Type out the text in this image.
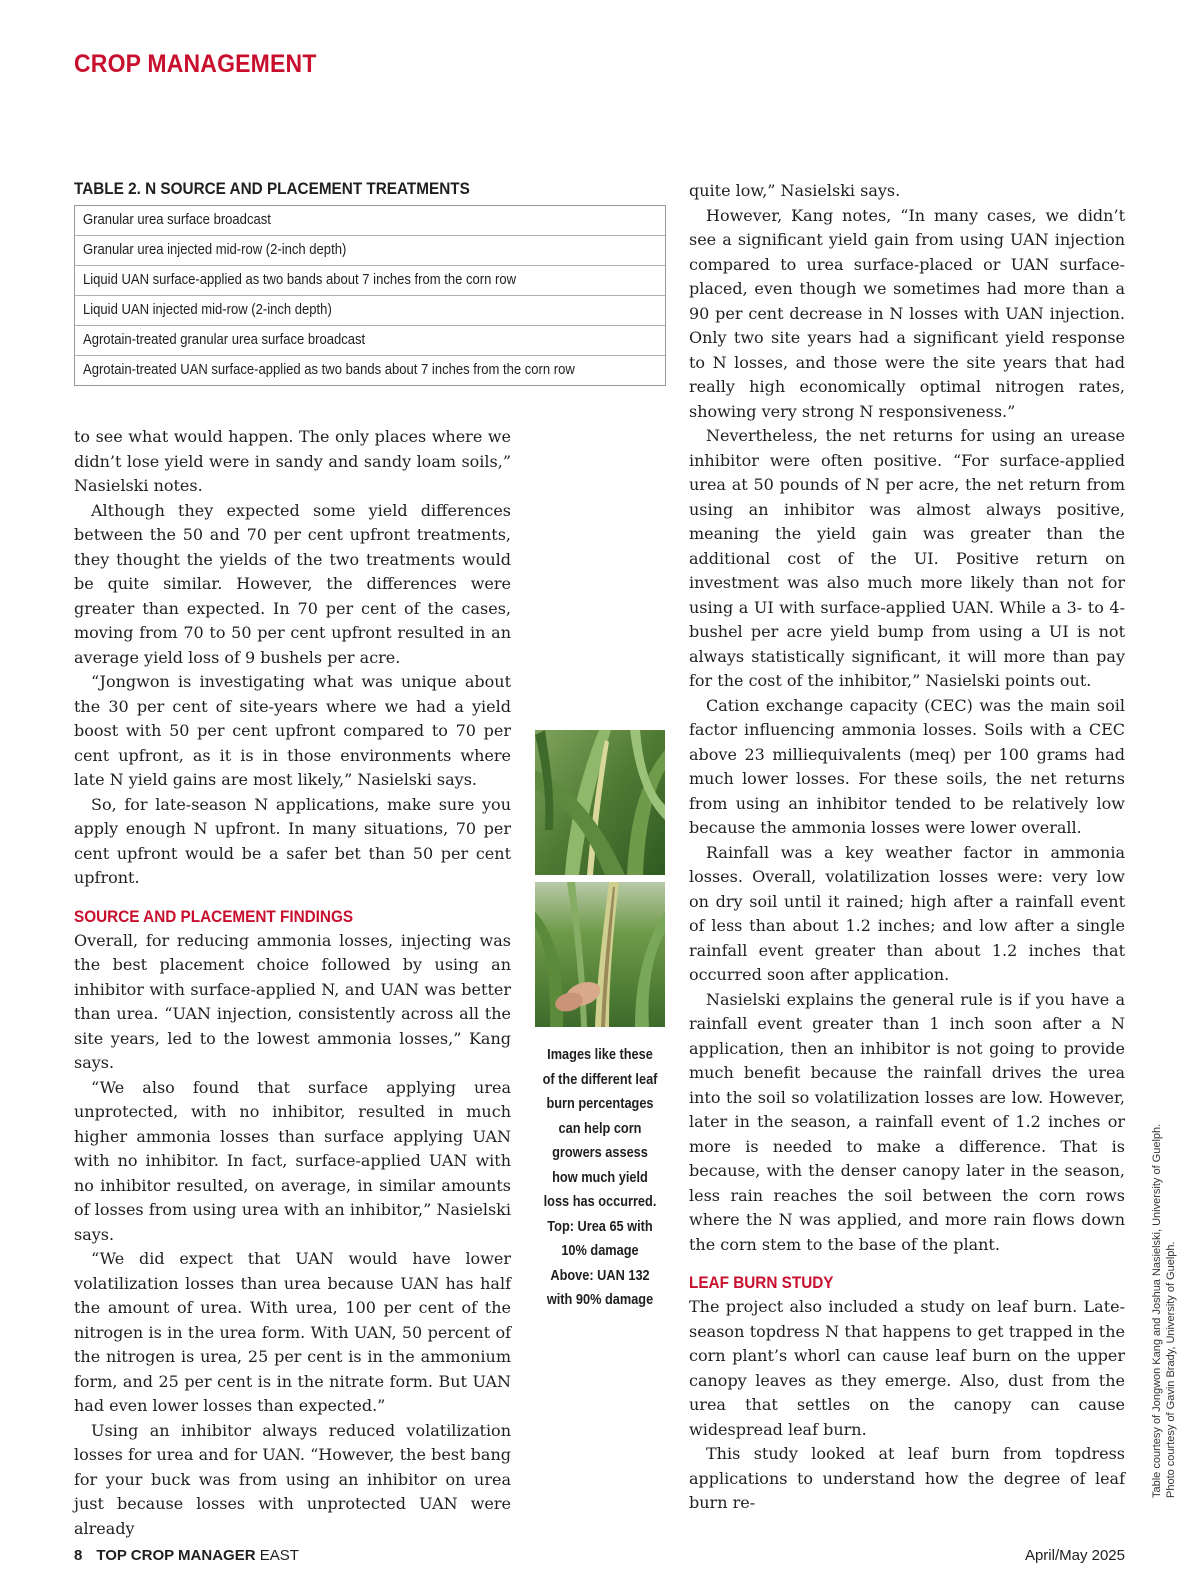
CROP MANAGEMENT
TABLE 2. N SOURCE AND PLACEMENT TREATMENTS
Granular urea surface broadcast
Granular urea injected mid-row (2-inch depth)
Liquid UAN surface-applied as two bands about 7 inches from the corn row
Liquid UAN injected mid-row (2-inch depth)
Agrotain-treated granular urea surface broadcast
Agrotain-treated UAN surface-applied as two bands about 7 inches from the corn row

to see what would happen. The only places where we didn’t lose yield were in sandy and sandy loam soils,” Nasielski notes.

Although they expected some yield differences between the 50 and 70 per cent upfront treatments, they thought the yields of the two treatments would be quite similar. However, the differences were greater than expected. In 70 per cent of the cases, moving from 70 to 50 per cent upfront resulted in an average yield loss of 9 bushels per acre.

“Jongwon is investigating what was unique about the 30 per cent of site-years where we had a yield boost with 50 per cent upfront compared to 70 per cent upfront, as it is in those environments where late N yield gains are most likely,” Nasielski says.

So, for late-season N applications, make sure you apply enough N upfront. In many situations, 70 per cent upfront would be a safer bet than 50 per cent upfront.

SOURCE AND PLACEMENT FINDINGS

Overall, for reducing ammonia losses, injecting was the best placement choice followed by using an inhibitor with surface-applied N, and UAN was better than urea. “UAN injection, consistently across all the site years, led to the lowest ammonia losses,” Kang says.

“We also found that surface applying urea unprotected, with no inhibitor, resulted in much higher ammonia losses than surface applying UAN with no inhibitor. In fact, surface-applied UAN with no inhibitor resulted, on average, in similar amounts of losses from using urea with an inhibitor,” Nasielski says.

“We did expect that UAN would have lower volatilization losses than urea because UAN has half the amount of urea. With urea, 100 per cent of the nitrogen is in the urea form. With UAN, 50 percent of the nitrogen is urea, 25 per cent is in the ammonium form, and 25 per cent is in the nitrate form. But UAN had even lower losses than expected.”

Using an inhibitor always reduced volatilization losses for urea and for UAN. “However, the best bang for your buck was from using an inhibitor on urea just because losses with unprotected UAN were already

Images like these of the different leaf burn percentages can help corn growers assess how much yield loss has occurred. Top: Urea 65 with 10% damage Above: UAN 132 with 90% damage

quite low,” Nasielski says.

However, Kang notes, “In many cases, we didn’t see a significant yield gain from using UAN injection compared to urea surface-placed or UAN surface-placed, even though we sometimes had more than a 90 per cent decrease in N losses with UAN injection. Only two site years had a significant yield response to N losses, and those were the site years that had really high economically optimal nitrogen rates, showing very strong N responsiveness.”

Nevertheless, the net returns for using an urease inhibitor were often positive. “For surface-applied urea at 50 pounds of N per acre, the net return from using an inhibitor was almost always positive, meaning the yield gain was greater than the additional cost of the UI. Positive return on investment was also much more likely than not for using a UI with surface-applied UAN. While a 3- to 4-bushel per acre yield bump from using a UI is not always statistically significant, it will more than pay for the cost of the inhibitor,” Nasielski points out.

Cation exchange capacity (CEC) was the main soil factor influencing ammonia losses. Soils with a CEC above 23 milliequivalents (meq) per 100 grams had much lower losses. For these soils, the net returns from using an inhibitor tended to be relatively low because the ammonia losses were lower overall.

Rainfall was a key weather factor in ammonia losses. Overall, volatilization losses were: very low on dry soil until it rained; high after a rainfall event of less than about 1.2 inches; and low after a single rainfall event greater than about 1.2 inches that occurred soon after application.

Nasielski explains the general rule is if you have a rainfall event greater than 1 inch soon after a N application, then an inhibitor is not going to provide much benefit because the rainfall drives the urea into the soil so volatilization losses are low. However, later in the season, a rainfall event of 1.2 inches or more is needed to make a difference. That is because, with the denser canopy later in the season, less rain reaches the soil between the corn rows where the N was applied, and more rain flows down the corn stem to the base of the plant.

LEAF BURN STUDY

The project also included a study on leaf burn. Late-season topdress N that happens to get trapped in the corn plant’s whorl can cause leaf burn on the upper canopy leaves as they emerge. Also, dust from the urea that settles on the canopy can cause widespread leaf burn.

This study looked at leaf burn from topdress applications to understand how the degree of leaf burn re-

Table courtesy of Jongwon Kang and Joshua Nasielski, University of Guelph. Photo courtesy of Gavin Brady, University of Guelph.
8 TOP CROP MANAGER EAST	April/May 2025
